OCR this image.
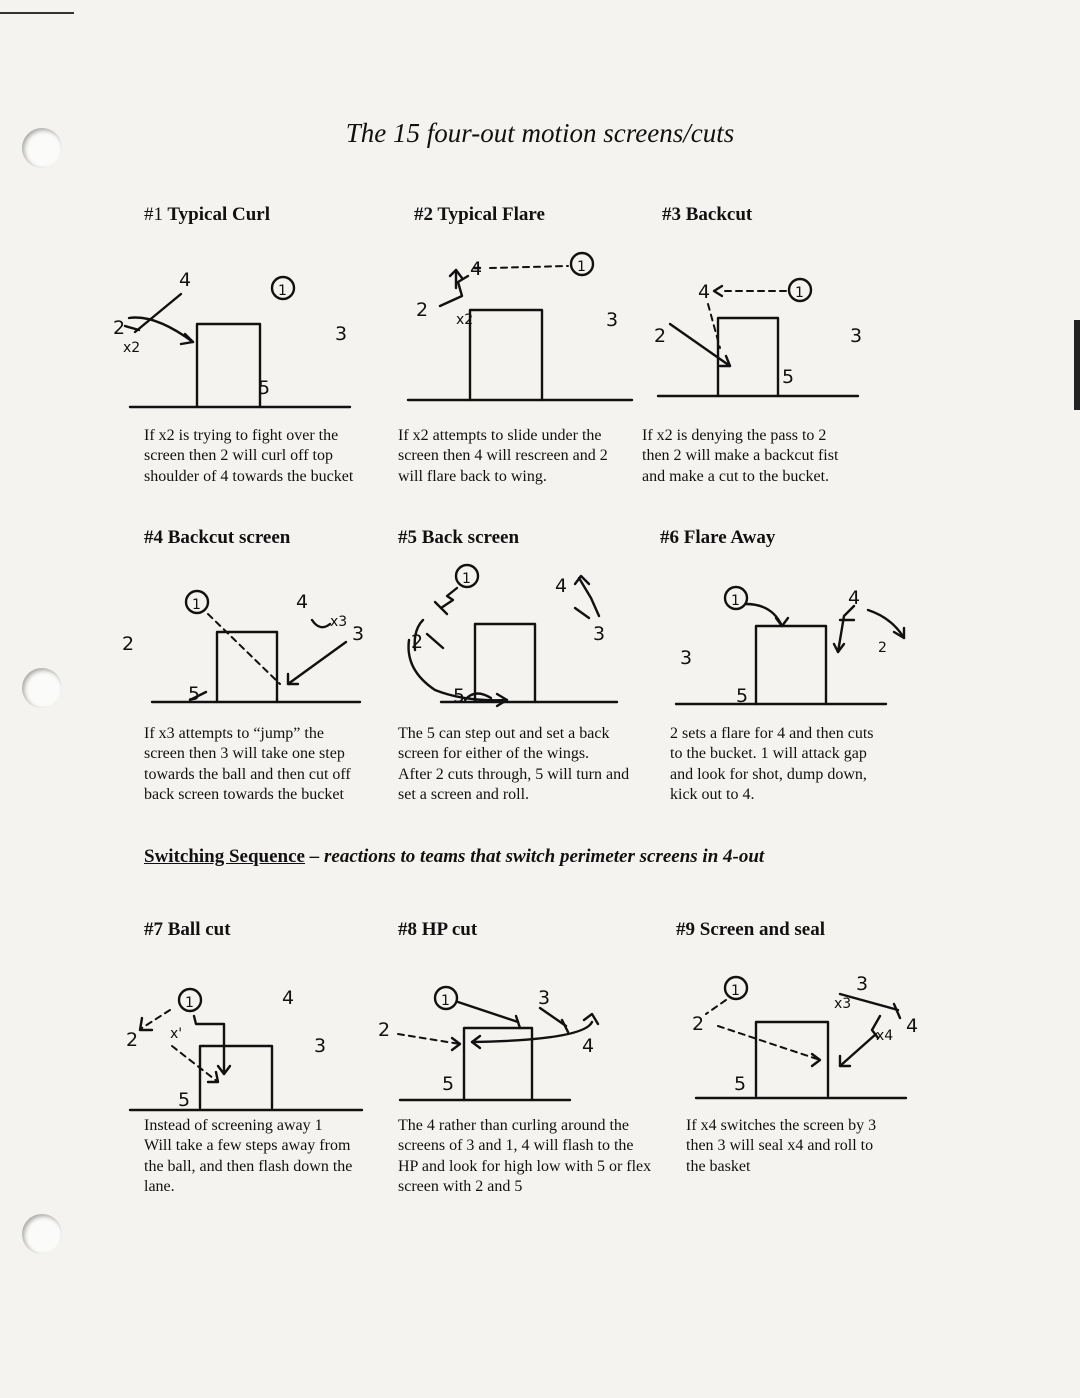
The 15 four-out motion screens/cuts
#1 Typical Curl	#2 Typical Flare	#3 Backcut
1
4
3
5
2
x2
1
4
2 x2	3
1
4
2	3
5
If x2 is trying to fight over the
screen then 2 will curl off top
shoulder of 4 towards the bucket
If x2 attempts to slide under the
screen then 4 will rescreen and 2
will flare back to wing.
If x2 is denying the pass to 2
then 2 will make a backcut fist
and make a cut to the bucket.
#4 Backcut screen	#5 Back screen	#6 Flare Away
1
2
4
x3
3
5
1
2
5
4
3
1
3
4
2
5
If x3 attempts to “jump” the
screen then 3 will take one step
towards the ball and then cut off
back screen towards the bucket
The 5 can step out and set a back
screen for either of the wings.
After 2 cuts through, 5 will turn and
set a screen and roll.
2 sets a flare for 4 and then cuts
to the bucket. 1 will attack gap
and look for shot, dump down,
kick out to 4.
Switching Sequence – reactions to teams that switch perimeter screens in 4-out
#7 Ball cut	#8 HP cut	#9 Screen and seal
1
2 x'
4
3
5
1	3
4
2
5
1
2
3
x3
x4 4
5
Instead of screening away 1
Will take a few steps away from
the ball, and then flash down the
lane.
The 4 rather than curling around the
screens of 3 and 1, 4 will flash to the
HP and look for high low with 5 or flex
screen with 2 and 5
If x4 switches the screen by 3
then 3 will seal x4 and roll to
the basket
